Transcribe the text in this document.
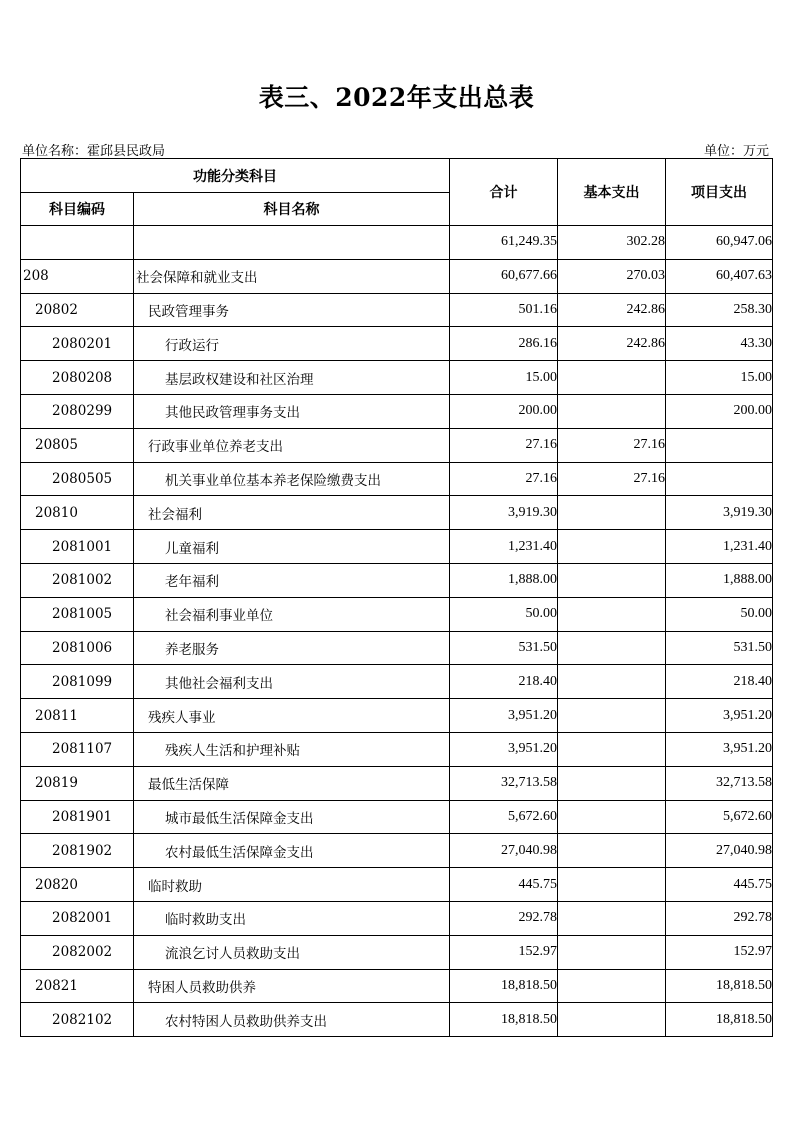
表三、2022年支出总表
单位名称：霍邱县民政局	单位：万元
功能分类科目		合计	基本支出	项目支出
科目编码	科目名称			
		61,249.35	302.28	60,947.06
208	社会保障和就业支出	60,677.66	270.03	60,407.63
20802	民政管理事务	501.16	242.86	258.30
2080201	行政运行	286.16	242.86	43.30
2080208	基层政权建设和社区治理	15.00		15.00
2080299	其他民政管理事务支出	200.00		200.00
20805	行政事业单位养老支出	27.16	27.16	
2080505	机关事业单位基本养老保险缴费支出	27.16	27.16	
20810	社会福利	3,919.30		3,919.30
2081001	儿童福利	1,231.40		1,231.40
2081002	老年福利	1,888.00		1,888.00
2081005	社会福利事业单位	50.00		50.00
2081006	养老服务	531.50		531.50
2081099	其他社会福利支出	218.40		218.40
20811	残疾人事业	3,951.20		3,951.20
2081107	残疾人生活和护理补贴	3,951.20		3,951.20
20819	最低生活保障	32,713.58		32,713.58
2081901	城市最低生活保障金支出	5,672.60		5,672.60
2081902	农村最低生活保障金支出	27,040.98		27,040.98
20820	临时救助	445.75		445.75
2082001	临时救助支出	292.78		292.78
2082002	流浪乞讨人员救助支出	152.97		152.97
20821	特困人员救助供养	18,818.50		18,818.50
2082102	农村特困人员救助供养支出	18,818.50		18,818.50
